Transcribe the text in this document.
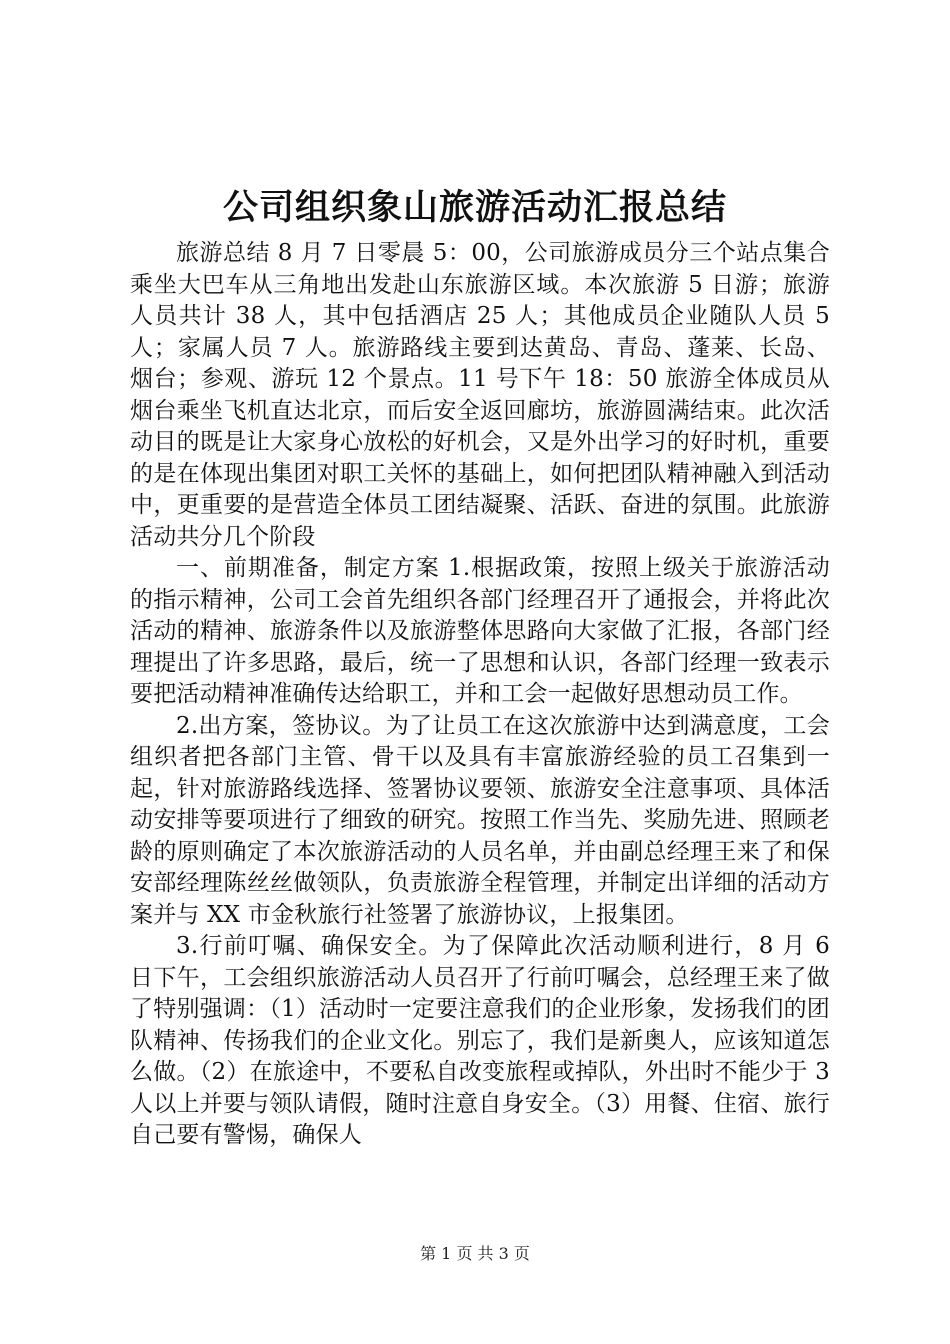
公司组织象山旅游活动汇报总结

旅游总结 8 月 7 日零晨 5：00，公司旅游成员分三个站点集合乘坐大巴车从三角地出发赴山东旅游区域。本次旅游 5 日游；旅游人员共计 38 人，其中包括酒店 25 人；其他成员企业随队人员 5 人；家属人员 7 人。旅游路线主要到达黄岛、青岛、蓬莱、长岛、烟台；参观、游玩 12 个景点。11 号下午 18：50 旅游全体成员从烟台乘坐飞机直达北京，而后安全返回廊坊，旅游圆满结束。此次活动目的既是让大家身心放松的好机会，又是外出学习的好时机，重要的是在体现出集团对职工关怀的基础上，如何把团队精神融入到活动中，更重要的是营造全体员工团结凝聚、活跃、奋进的氛围。此旅游活动共分几个阶段

一、前期准备，制定方案 1.根据政策，按照上级关于旅游活动的指示精神，公司工会首先组织各部门经理召开了通报会，并将此次活动的精神、旅游条件以及旅游整体思路向大家做了汇报，各部门经理提出了许多思路，最后，统一了思想和认识，各部门经理一致表示要把活动精神准确传达给职工，并和工会一起做好思想动员工作。

2.出方案，签协议。为了让员工在这次旅游中达到满意度，工会组织者把各部门主管、骨干以及具有丰富旅游经验的员工召集到一起，针对旅游路线选择、签署协议要领、旅游安全注意事项、具体活动安排等要项进行了细致的研究。按照工作当先、奖励先进、照顾老龄的原则确定了本次旅游活动的人员名单，并由副总经理王来了和保安部经理陈丝丝做领队，负责旅游全程管理，并制定出详细的活动方案并与 XX 市金秋旅行社签署了旅游协议，上报集团。

3.行前叮嘱、确保安全。为了保障此次活动顺利进行，8 月 6 日下午，工会组织旅游活动人员召开了行前叮嘱会，总经理王来了做了特别强调：（1）活动时一定要注意我们的企业形象，发扬我们的团队精神、传扬我们的企业文化。别忘了，我们是新奥人，应该知道怎么做。（2）在旅途中，不要私自改变旅程或掉队，外出时不能少于 3 人以上并要与领队请假，随时注意自身安全。（3）用餐、住宿、旅行自己要有警惕，确保人

第 1 页 共 3 页
